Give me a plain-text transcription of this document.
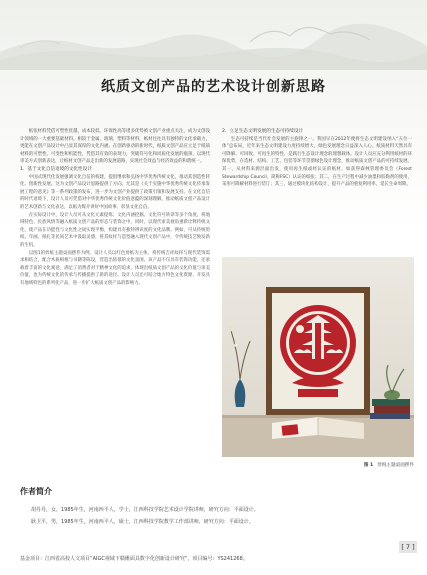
纸质文创产品的艺术设计创新思路

纸张材料凭借可塑性优越、成本较低、环保性高等诸多优势被文创产业重点关注，成为文创设计领域的一大重要基础材料。相较于金属、玻璃、塑料等材料，纸材往往具有独特的文化承载力，更能在文创产品设计中凸显其深厚的文化内涵。在创新驱动的新时代，纸质文创产品应立足于纸质材料的可塑性、可变性和机能性，凭借其有效的表现力，突破符号化和同质化发展的瓶颈，以现代审美方式创新表达，让纸材文创产品走出新的发展道路，实现社会效益与经济效益的和谐统一。

1．基于文化自信语境的文化性设计

中国式现代化发展强调文化自信的构建，提倡继承和弘扬中华优秀传统文化，推动其创造性转化、创新性发展。这为文创产品设计思路提供了方向。尤其是《关于实施中华优秀传统文化传承发展工程的意见》等一系列政策的发布，进一步为文创产业提供了政策引领和发展支持。在文化自信的时代语境下，设计人员可凭借对中华优秀传统文化价值意蕴的深刻理解，推动纸质文创产品设计的艺术创新与文化表达，以纸为媒介讲好中国故事、彰显文化自信。

在实际设计中，设计人员可从文化元素提炼、文化内涵挖掘、文化符号转译等多个角度，将地域特色、民族风情等融入纸质文创产品的形态与装饰之中。同时，以现代审美视角重新诠释传统文化，使产品在功能性与文化性之间实现平衡，构建具有独特辨识度的文化品牌。例如，可从传统剪纸、年画、纸扎等民间艺术中汲取灵感，将其纹样与造型融入现代文创产品中，令传统技艺焕发新的生机。

以图1的剪纸主题桌面摆件为例，设计人员以红色剪纸为主体，将传统吉祥纹样与现代装饰需求相结合，配合木质相框与书籍等陈设，营造出浓郁的文化氛围。该产品不仅具有装饰功能，还承载着丰富的文化寓意，满足了消费者对于精神文化的追求，体现出纸质文创产品的文化价值与审美价值，也为传统文化的传承与传播提供了新的途径。设计人员还可结合地方特色文化资源，开发具有地域特色的系列化产品，进一步扩大纸质文创产品的影响力。

2．立足生态文明发展的生态可持续设计

生态可持续是当代社会发展的主旋律之一。我国早在2012年便将生态文明建设纳入“五位一体”总布局，近年来生态文明建设力度持续增大，绿色发展理念日益深入人心。纸质材料天然具有可降解、可回收、可再生的特性，是践行生态设计理念的理想载体。设计人员应充分利用纸材的环保优势，在选材、结构、工艺、包装等环节贯彻绿色设计理念，推动纸质文创产品的可持续发展。其一，从材料来源层面出发，使用再生纸或经认证的纸材，如获得森林管理委员会（Forest Stewardship Council，简称FSC）认证的纸张；其二，在生产过程中减少油墨和胶黏剂的使用，采用可降解材料进行装订；其三，通过模块化结构设计，提升产品的重复利用率，延长生命周期。

图 1 剪纸主题桌面摆件
作者简介
胡丹丹，女，1985年生，河南西平人，学士，江西科技学院艺术设计学院讲师，研究方向：平面设计。
耿卫平，男，1985年生，河南西平人，硕士，江西科技学院教学工作部讲师，研究方向：平面设计。
基金项目：江西省高校人文项目“AIGC视域下赣傩面具数字化创新设计研究”，项目编号：YS241268。
[ 7 ]
